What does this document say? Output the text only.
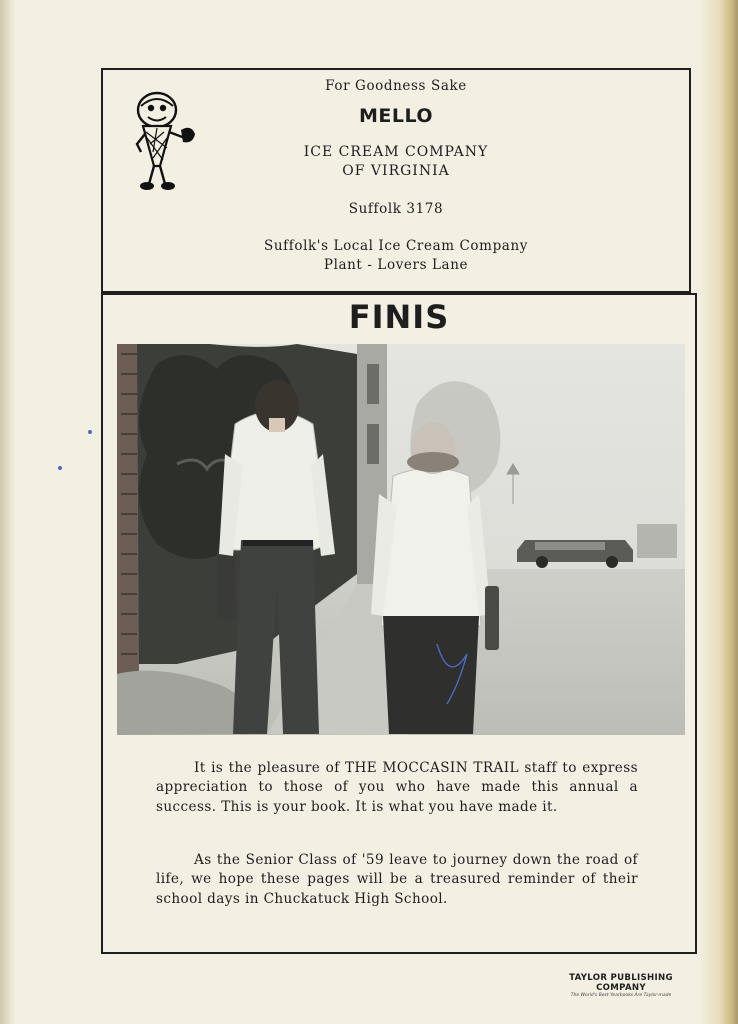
For Goodness Sake
MELLO
ICE CREAM COMPANY
OF VIRGINIA
Suffolk 3178
Suffolk's Local Ice Cream Company
Plant - Lovers Lane
FINIS

It is the pleasure of THE MOCCASIN TRAIL staff to express appreciation to those of you who have made this annual a success. This is your book. It is what you have made it.

As the Senior Class of '59 leave to journey down the road of life, we hope these pages will be a treasured reminder of their school days in Chuckatuck High School.

TAYLOR PUBLISHING COMPANY
The World's Best Yearbooks Are Taylor-made
